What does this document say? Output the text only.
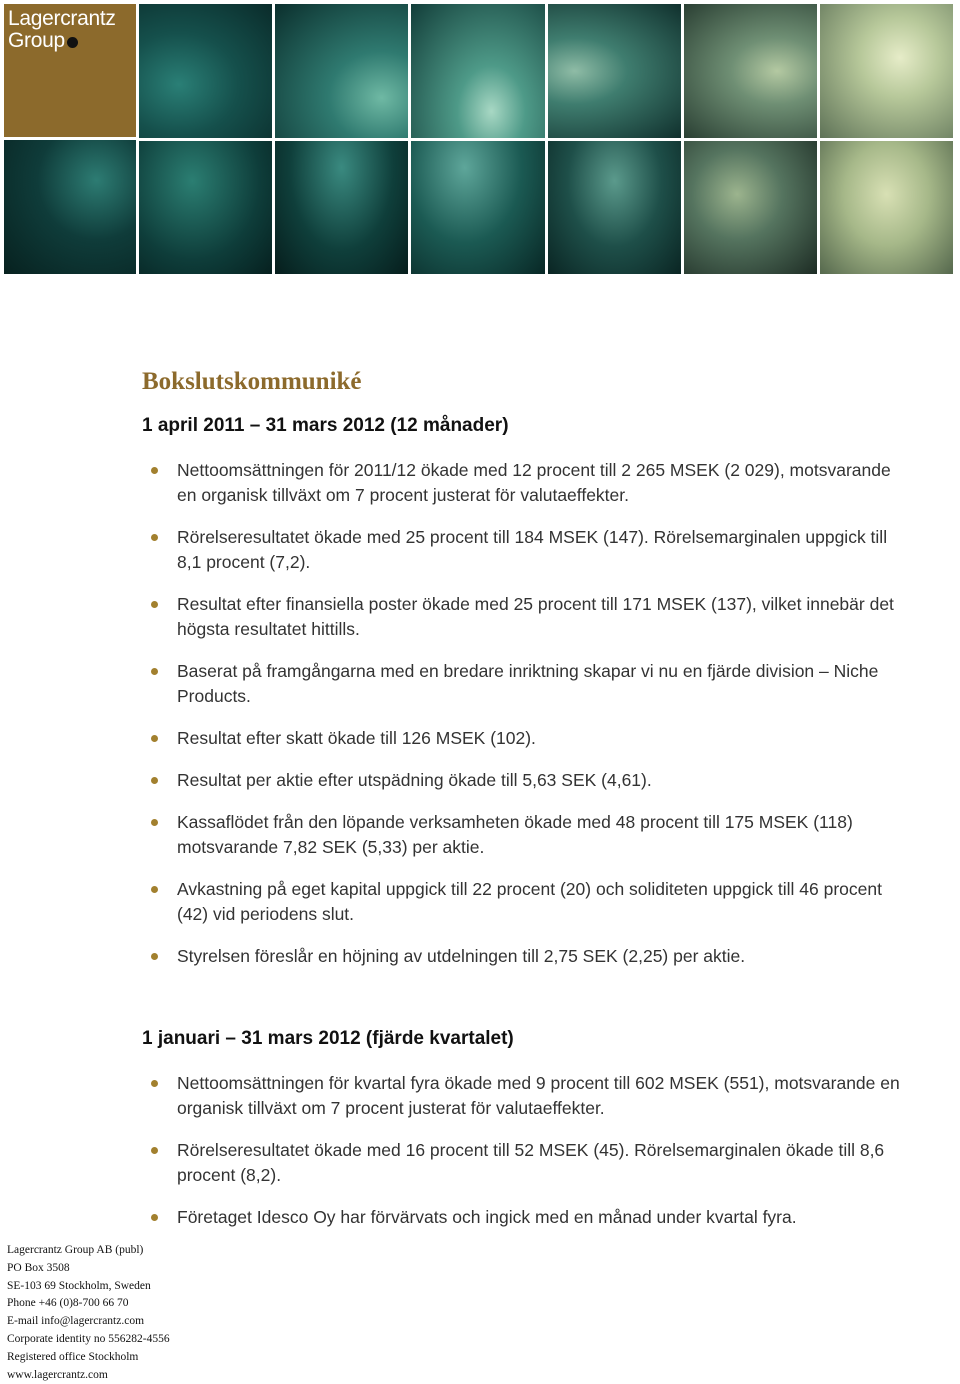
Lagercrantz
Group
Bokslutskommuniké
1 april 2011 – 31 mars 2012 (12 månader)
Nettoomsättningen för 2011/12 ökade med 12 procent till 2 265 MSEK (2 029), motsvarande en organisk tillväxt om 7 procent justerat för valutaeffekter.
Rörelseresultatet ökade med 25 procent till 184 MSEK (147). Rörelsemarginalen uppgick till 8,1 procent (7,2).
Resultat efter finansiella poster ökade med 25 procent till 171 MSEK (137), vilket innebär det högsta resultatet hittills.
Baserat på framgångarna med en bredare inriktning skapar vi nu en fjärde division – Niche Products.
Resultat efter skatt ökade till 126 MSEK (102).
Resultat per aktie efter utspädning ökade till 5,63 SEK (4,61).
Kassaflödet från den löpande verksamheten ökade med 48 procent till 175 MSEK (118) motsvarande 7,82 SEK (5,33) per aktie.
Avkastning på eget kapital uppgick till 22 procent (20) och soliditeten uppgick till 46 procent (42) vid periodens slut.
Styrelsen föreslår en höjning av utdelningen till 2,75 SEK (2,25) per aktie.
1 januari – 31 mars 2012 (fjärde kvartalet)
Nettoomsättningen för kvartal fyra ökade med 9 procent till 602 MSEK (551), motsvarande en organisk tillväxt om 7 procent justerat för valutaeffekter.
Rörelseresultatet ökade med 16 procent till 52 MSEK (45). Rörelsemarginalen ökade till 8,6 procent (8,2).
Företaget Idesco Oy har förvärvats och ingick med en månad under kvartal fyra.
Lagercrantz Group AB (publ)
PO Box 3508
SE-103 69 Stockholm, Sweden
Phone +46 (0)8-700 66 70
E-mail info@lagercrantz.com
Corporate identity no 556282-4556
Registered office Stockholm
www.lagercrantz.com
